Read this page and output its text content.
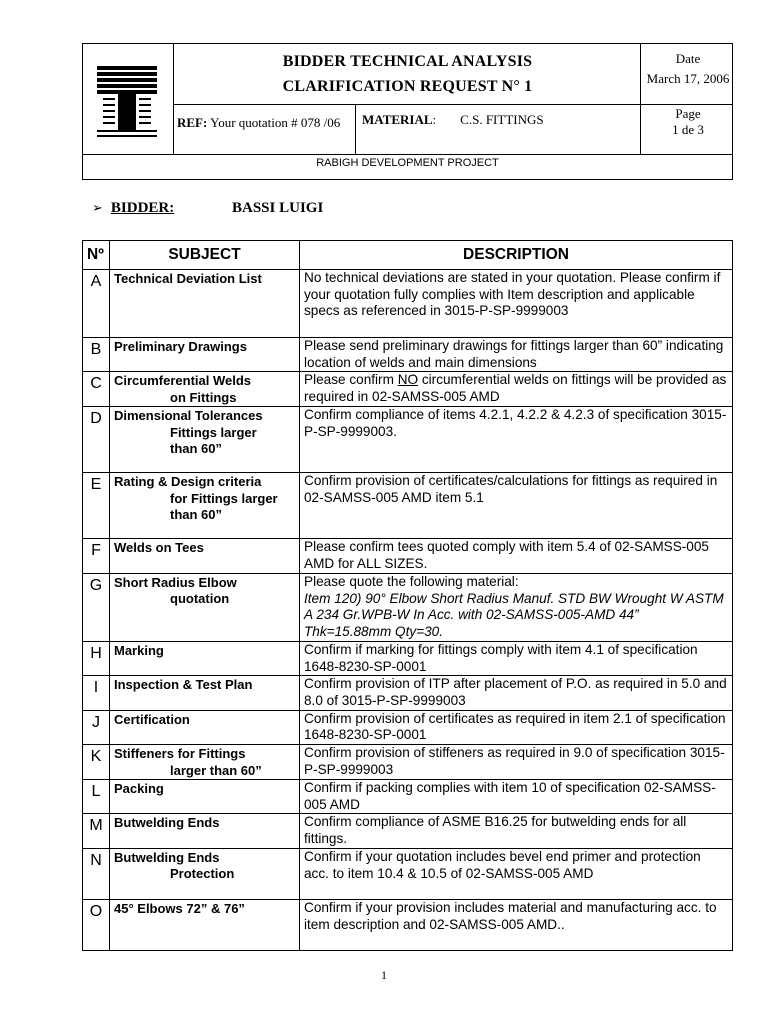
BIDDER TECHNICAL ANALYSIS
CLARIFICATION REQUEST N° 1
Date
March 17, 2006
Page
1 de 3
REF: Your quotation # 078 /06	MATERIAL: C.S. FITTINGS
RABIGH DEVELOPMENT PROJECT
➢ BIDDER:	BASSI LUIGI
Nº	SUBJECT	DESCRIPTION
A	Technical Deviation List	No technical deviations are stated in your quotation. Please confirm if your quotation fully complies with Item description and applicable specs as referenced in 3015-P-SP-9999003
B	Preliminary Drawings	Please send preliminary drawings for fittings larger than 60” indicating location of welds and main dimensions
C	Circumferential Welds
on Fittings	Please confirm NO circumferential welds on fittings will be provided as required in 02-SAMSS-005 AMD
D	Dimensional Tolerances
Fittings larger
than 60”	Confirm compliance of items 4.2.1, 4.2.2 & 4.2.3 of specification 3015-P-SP-9999003.
E	Rating & Design criteria
for Fittings larger
than 60”	Confirm provision of certificates/calculations for fittings as required in 02-SAMSS-005 AMD item 5.1
F	Welds on Tees	Please confirm tees quoted comply with item 5.4 of 02-SAMSS-005 AMD for ALL SIZES.
G	Short Radius Elbow
quotation	Please quote the following material:
Item 120) 90° Elbow Short Radius Manuf. STD BW Wrought W ASTM A 234 Gr.WPB-W In Acc. with 02-SAMSS-005-AMD 44” Thk=15.88mm Qty=30.
H	Marking	Confirm if marking for fittings comply with item 4.1 of specification 1648-8230-SP-0001
I	Inspection & Test Plan	Confirm provision of ITP after placement of P.O. as required in 5.0 and 8.0 of 3015-P-SP-9999003
J	Certification	Confirm provision of certificates as required in item 2.1 of specification 1648-8230-SP-0001
K	Stiffeners for Fittings
larger than 60”	Confirm provision of stiffeners as required in 9.0 of specification 3015-P-SP-9999003
L	Packing	Confirm if packing complies with item 10 of specification 02-SAMSS-005 AMD
M	Butwelding Ends	Confirm compliance of ASME B16.25 for butwelding ends for all fittings.
N	Butwelding Ends
Protection	Confirm if your quotation includes bevel end primer and protection acc. to item 10.4 & 10.5 of 02-SAMSS-005 AMD
O	45° Elbows 72” & 76”	Confirm if your provision includes material and manufacturing acc. to item description and 02-SAMSS-005 AMD..
1
